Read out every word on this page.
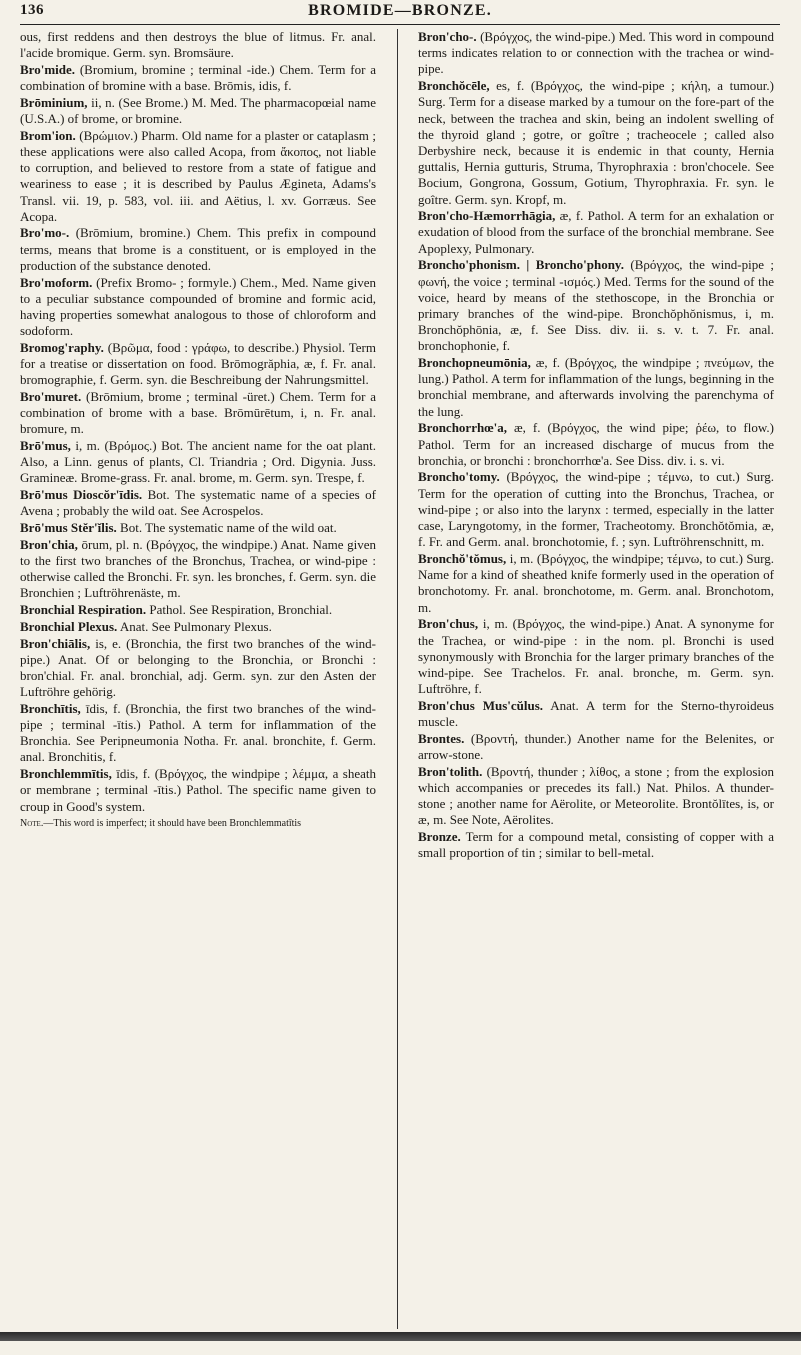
136	BROMIDE—BRONZE.

ous, first reddens and then destroys the blue of litmus. Fr. anal. l'acide bromique. Germ. syn. Bromsäure.

Bro'mide. (Bromium, bromine ; terminal -ide.) Chem. Term for a combination of bromine with a base. Brōmis, idis, f.

Brōminium, ii, n. (See Brome.) M. Med. The pharmacopœial name (U.S.A.) of brome, or bromine.

Brom'ion. (Βρώμιον.) Pharm. Old name for a plaster or cataplasm ; these applications were also called Acopa, from ἄκοπος, not liable to corruption, and believed to restore from a state of fatigue and weariness to ease ; it is described by Paulus Ægineta, Adams's Transl. vii. 19, p. 583, vol. iii. and Aëtius, l. xv. Gorræus. See Acopa.

Bro'mo-. (Brōmium, bromine.) Chem. This prefix in compound terms, means that brome is a constituent, or is employed in the production of the substance denoted.

Bro'moform. (Prefix Bromo- ; formyle.) Chem., Med. Name given to a peculiar substance compounded of bromine and formic acid, having properties somewhat analogous to those of chloroform and sodoform.

Bromog'raphy. (Βρῶμα, food : γράφω, to describe.) Physiol. Term for a treatise or dissertation on food. Brōmogrăphia, æ, f. Fr. anal. bromographie, f. Germ. syn. die Beschreibung der Nahrungsmittel.

Bro'muret. (Brōmium, brome ; terminal -üret.) Chem. Term for a combination of brome with a base. Brōmūrētum, i, n. Fr. anal. bromure, m.

Brō'mus, i, m. (Βρόμος.) Bot. The ancient name for the oat plant. Also, a Linn. genus of plants, Cl. Triandria ; Ord. Digynia. Juss. Gramineæ. Brome-grass. Fr. anal. brome, m. Germ. syn. Trespe, f.

Brō'mus Dioscŏr'īdis. Bot. The systematic name of a species of Avena ; probably the wild oat. See Acrospelos.

Brō'mus Stĕr'ĭlis. Bot. The systematic name of the wild oat.

Bron'chia, ōrum, pl. n. (Βρόγχος, the windpipe.) Anat. Name given to the first two branches of the Bronchus, Trachea, or wind-pipe : otherwise called the Bronchi. Fr. syn. les bronches, f. Germ. syn. die Bronchien ; Luftröhrenäste, m.

Bronchial Respiration. Pathol. See Respiration, Bronchial.

Bronchial Plexus. Anat. See Pulmonary Plexus.

Bron'chiālis, is, e. (Bronchia, the first two branches of the wind-pipe.) Anat. Of or belonging to the Bronchia, or Bronchi : bron'chial. Fr. anal. bronchial, adj. Germ. syn. zur den Asten der Luftröhre gehörig.

Bronchītis, īdis, f. (Bronchia, the first two branches of the wind-pipe ; terminal -ītis.) Pathol. A term for inflammation of the Bronchia. See Peripneumonia Notha. Fr. anal. bronchite, f. Germ. anal. Bronchitis, f.

Bronchlemmītis, īdis, f. (Βρόγχος, the windpipe ; λέμμα, a sheath or membrane ; terminal -ītis.) Pathol. The specific name given to croup in Good's system.

Note.—This word is imperfect; it should have been Bronchlemmatītis

Bron'cho-. (Βρόγχος, the wind-pipe.) Med. This word in compound terms indicates relation to or connection with the trachea or wind-pipe.

Bronchŏcēle, es, f. (Βρόγχος, the wind-pipe ; κήλη, a tumour.) Surg. Term for a disease marked by a tumour on the fore-part of the neck, between the trachea and skin, being an indolent swelling of the thyroid gland ; gotre, or goître ; tracheocele ; called also Derbyshire neck, because it is endemic in that county, Hernia guttalis, Hernia gutturis, Struma, Thyrophraxia : bron'chocele. See Bocium, Gongrona, Gossum, Gotium, Thyrophraxia. Fr. syn. le goître. Germ. syn. Kropf, m.

Bron'cho-Hæmorrhāgia, æ, f. Pathol. A term for an exhalation or exudation of blood from the surface of the bronchial membrane. See Apoplexy, Pulmonary.

Broncho'phonism. | Broncho'phony. (Βρόγχος, the wind-pipe ; φωνή, the voice ; terminal -ισμός.) Med. Terms for the sound of the voice, heard by means of the stethoscope, in the Bronchia or primary branches of the wind-pipe. Bronchŏphŏnismus, i, m. Bronchŏphōnia, æ, f. See Diss. div. ii. s. v. t. 7. Fr. anal. bronchophonie, f.

Bronchopneumōnia, æ, f. (Βρόγχος, the windpipe ; πνεύμων, the lung.) Pathol. A term for inflammation of the lungs, beginning in the bronchial membrane, and afterwards involving the parenchyma of the lung.

Bronchorrhœ'a, æ, f. (Βρόγχος, the wind pipe; ῥέω, to flow.) Pathol. Term for an increased discharge of mucus from the bronchia, or bronchi : bronchorrhœ'a. See Diss. div. i. s. vi.

Broncho'tomy. (Βρόγχος, the wind-pipe ; τέμνω, to cut.) Surg. Term for the operation of cutting into the Bronchus, Trachea, or wind-pipe ; or also into the larynx : termed, especially in the latter case, Laryngotomy, in the former, Tracheotomy. Bronchŏtŏmia, æ, f. Fr. and Germ. anal. bronchotomie, f. ; syn. Luftröhrenschnitt, m.

Bronchŏ'tŏmus, i, m. (Βρόγχος, the windpipe; τέμνω, to cut.) Surg. Name for a kind of sheathed knife formerly used in the operation of bronchotomy. Fr. anal. bronchotome, m. Germ. anal. Bronchotom, m.

Bron'chus, i, m. (Βρόγχος, the wind-pipe.) Anat. A synonyme for the Trachea, or wind-pipe : in the nom. pl. Bronchi is used synonymously with Bronchia for the larger primary branches of the wind-pipe. See Trachelos. Fr. anal. bronche, m. Germ. syn. Luftröhre, f.

Bron'chus Mus'cŭlus. Anat. A term for the Sterno-thyroideus muscle.

Brontes. (Βροντή, thunder.) Another name for the Belenites, or arrow-stone.

Bron'tolith. (Βροντή, thunder ; λίθος, a stone ; from the explosion which accompanies or precedes its fall.) Nat. Philos. A thunder-stone ; another name for Aërolite, or Meteorolite. Brontŏlītes, is, or æ, m. See Note, Aërolites.

Bronze. Term for a compound metal, consisting of copper with a small proportion of tin ; similar to bell-metal.
